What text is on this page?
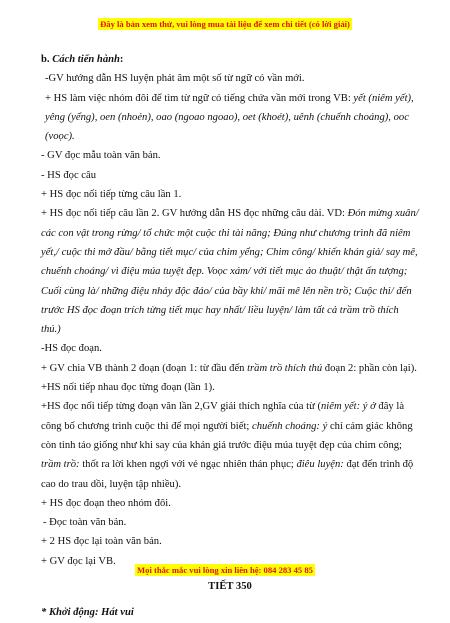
Đây là bản xem thử, vui lòng mua tài liệu để xem chi tiết (có lời giải)

b. Cách tiến hành:

-GV hướng dẫn HS luyện phát âm một số từ ngữ có vần mới.

+ HS làm việc nhóm đôi để tìm từ ngữ có tiếng chứa vần mới trong VB: yết (niêm yết), yêng (yểng), oen (nhoẻn), oao (ngoao ngoao), oet (khoét), uênh (chuếnh choáng), ooc (voọc).

- GV đọc mẫu toàn văn bản.

- HS đọc câu

+ HS đọc nối tiếp từng câu lần 1.

+ HS đọc nối tiếp câu lần 2. GV hướng dẫn HS đọc những câu dài. VD: Đón mừng xuân/ các con vật trong rừng/ tổ chức một cuộc thi tài năng; Đúng như chương trình đã niêm yết,/ cuộc thi mở đầu/ bằng tiết mục/ của chim yểng; Chim công/ khiến khán giả/ say mê, chuếnh choáng/ vì điệu múa tuyệt đẹp. Voọc xám/ với tiết mục ảo thuật/ thật ấn tượng; Cuối cùng là/ những điệu nhảy độc đáo/ của bầy khỉ/ mãi mê lên nền trồ; Cuộc thi/ đến trước HS đọc đoạn trích từng tiết mục hay nhất/ liều luyện/ làm tất cả trầm trồ thích thú.)

-HS đọc đoạn.

+ GV chia VB thành 2 đoạn (đoạn 1: từ đầu đến trầm trồ thích thú đoạn 2: phần còn lại).

+HS nối tiếp nhau đọc từng đoạn (lần 1).

+HS đọc nối tiếp từng đoạn văn lần 2,GV giải thích nghĩa của từ (niêm yết: ý ở đây là công bố chương trình cuộc thi để mọi người biết; chuếnh choáng: ý chỉ cảm giác không còn tỉnh táo giống như khi say của khán giả trước điệu múa tuyệt đẹp của chim công; trầm trồ: thốt ra lời khen ngợi với vẻ ngạc nhiên thán phục; điêu luyện: đạt đến trình độ cao do trau dồi, luyện tập nhiều).

+ HS đọc đoạn theo nhóm đôi.

- Đọc toàn văn bản.

+ 2 HS đọc lại toàn văn bản.

+ GV đọc lại VB.

TIẾT 350

* Khởi động: Hát vui

Mọi thắc mắc vui lòng xin liên hệ: 084 283 45 85
